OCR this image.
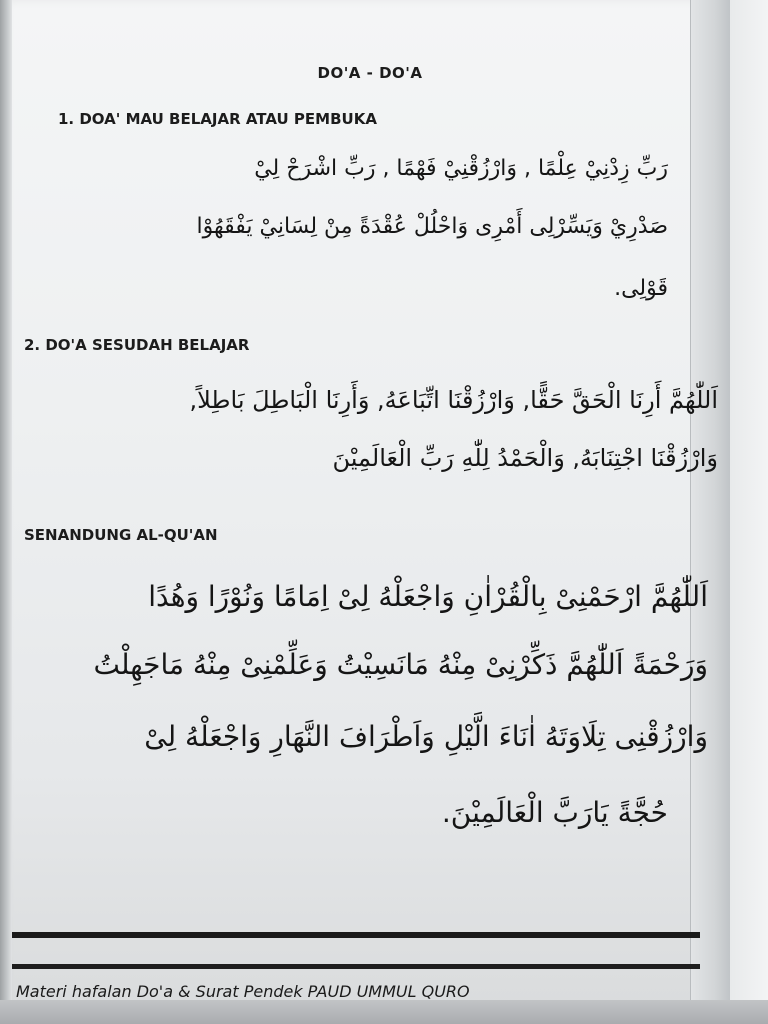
DO'A - DO'A
1. DOA' MAU BELAJAR ATAU PEMBUKA
رَبِّ زِدْنِيْ عِلْمًا , وَارْزُقْنِيْ فَهْمًا , رَبِّ اشْرَحْ لِيْ
صَدْرِيْ وَيَسِّرْلِى أَمْرِى وَاحْلُلْ عُقْدَةً مِنْ لِسَانِيْ يَفْقَهُوْا
قَوْلِى.
2. DO'A SESUDAH BELAJAR
اَللّٰهُمَّ أَرِنَا الْحَقَّ حَقًّا, وَارْزُقْنَا اتِّبَاعَهُ, وَأَرِنَا الْبَاطِلَ بَاطِلاً,
وَارْزُقْنَا اجْتِنَابَهُ, وَالْحَمْدُ لِلّٰهِ رَبِّ الْعَالَمِيْنَ
SENANDUNG AL-QU'AN
اَللّٰهُمَّ ارْحَمْنِىْ بِالْقُرْاٰنِ وَاجْعَلْهُ لِىْ اِمَامًا وَنُوْرًا وَهُدًا
وَرَحْمَةً اَللّٰهُمَّ ذَكِّرْنِىْ مِنْهُ مَانَسِيْتُ وَعَلِّمْنِىْ مِنْهُ مَاجَهِلْتُ
وَارْزُقْنِى تِلَاوَتَهُ اٰنَاءَ الَّيْلِ وَاَطْرَافَ النَّهَارِ وَاجْعَلْهُ لِىْ
حُجَّةً يَارَبَّ الْعَالَمِيْنَ.
Materi hafalan Do'a & Surat Pendek PAUD UMMUL QURO
